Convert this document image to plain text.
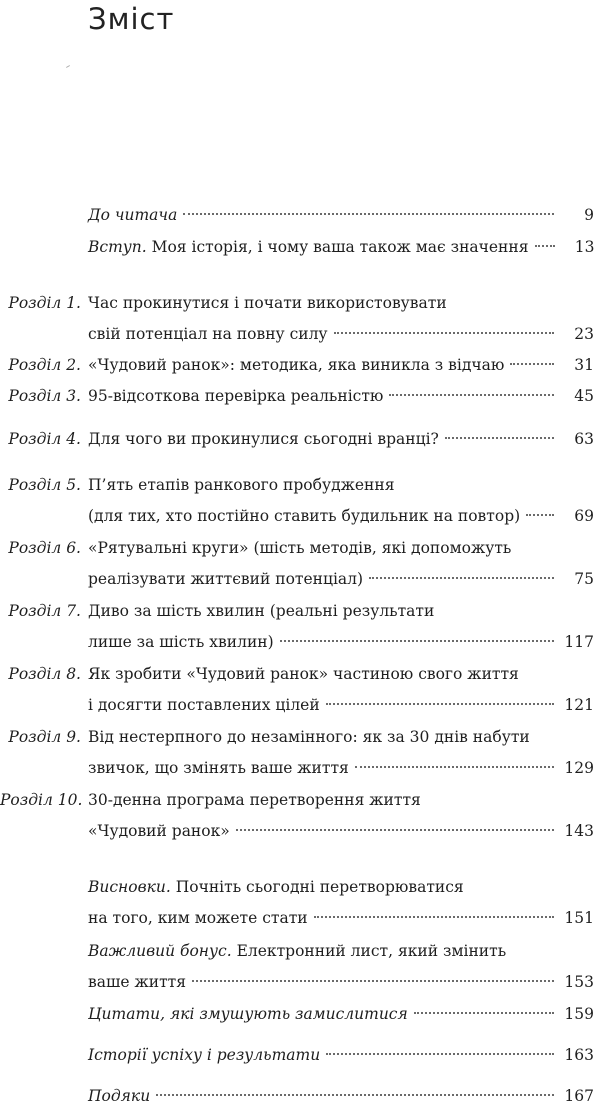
Зміст
До читача	9
Вступ. Моя історія, і чому ваша також має значення	13
Розділ 1. Час прокинутися і почати використовувати
свій потенціал на повну силу	23
Розділ 2. «Чудовий ранок»: методика, яка виникла з відчаю	31
Розділ 3. 95-відсоткова перевірка реальністю	45
Розділ 4. Для чого ви прокинулися сьогодні вранці?	63
Розділ 5. П’ять етапів ранкового пробудження
(для тих, хто постійно ставить будильник на повтор)	69
Розділ 6. «Рятувальні круги» (шість методів, які допоможуть
реалізувати життєвий потенціал)	75
Розділ 7. Диво за шість хвилин (реальні результати
лише за шість хвилин)	117
Розділ 8. Як зробити «Чудовий ранок» частиною свого життя
і досягти поставлених цілей	121
Розділ 9. Від нестерпного до незамінного: як за 30 днів набути
звичок, що змінять ваше життя	129
Розділ 10. 30-денна програма перетворення життя
«Чудовий ранок»	143
Висновки. Почніть сьогодні перетворюватися
на того, ким можете стати	151
Важливий бонус. Електронний лист, який змінить
ваше життя	153
Цитати, які змушують замислитися	159
Історії успіху і результати	163
Подяки	167
